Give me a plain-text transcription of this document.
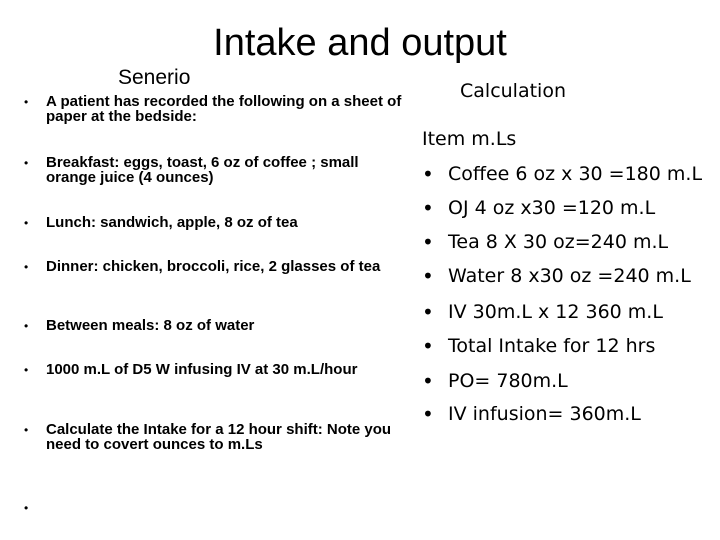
Intake and output
Senerio
Calculation
• A patient has recorded the following on a sheet of paper at the bedside:
• Breakfast: eggs, toast, 6 oz of coffee ; small orange juice (4 ounces)
• Lunch: sandwich, apple, 8 oz of tea
• Dinner: chicken, broccoli, rice, 2 glasses of tea
• Between meals: 8 oz of water
• 1000 m.L of D5 W infusing IV at 30 m.L/hour
• Calculate the Intake for a 12 hour shift: Note you need to covert ounces to m.Ls
•
Item m.Ls
• Coffee 6 oz x 30 =180 m.L
• OJ 4 oz x30 =120 m.L
• Tea 8 X 30 oz=240 m.L
• Water 8 x30 oz =240 m.L
• IV 30m.L x 12 360 m.L
• Total Intake for 12 hrs
• PO= 780m.L
• IV infusion= 360m.L
